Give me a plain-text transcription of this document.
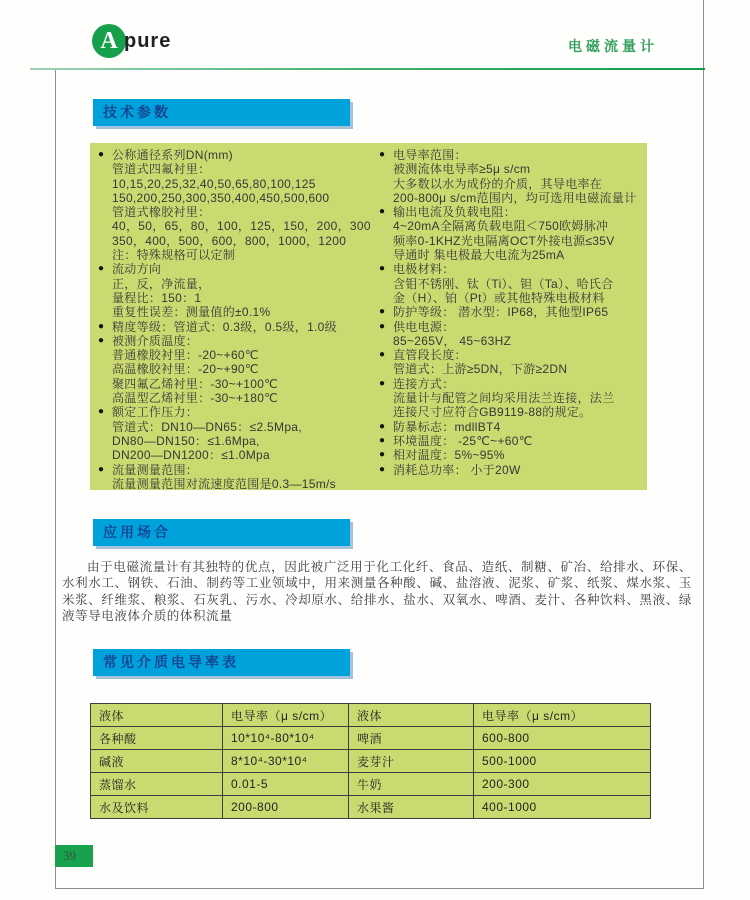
A pure	电磁流量计
技术参数
应用场合
常见介质电导率表
● 公称通径系列DN(mm)
管道式四氟衬里：
10,15,20,25,32,40,50,65,80,100,125
150,200,250,300,350,400,450,500,600
管道式橡胶衬里：
40，50，65，80，100，125，150，200，300
350，400，500，600，800，1000，1200
注：特殊规格可以定制
● 流动方向
正，反，净流量，
量程比：150：1
重复性误差：测量值的±0.1%
● 精度等级：管道式：0.3级，0.5级，1.0级
● 被测介质温度：
普通橡胶衬里：-20~+60℃
高温橡胶衬里：-20~+90℃
聚四氟乙烯衬里：-30~+100℃
高温型乙烯衬里：-30~+180℃
● 额定工作压力：
管道式：DN10—DN65：≤2.5Mpa,
DN80—DN150：≤1.6Mpa,
DN200—DN1200：≤1.0Mpa
● 流量测量范围：
流量测量范围对流速度范围是0.3—15m/s
● 电导率范围：
被测流体电导率≥5μ s/cm
大多数以水为成份的介质，其导电率在
200-800μ s/cm范围内，均可选用电磁流量计
● 输出电流及负载电阻：
4~20mA全隔离负载电阻＜750欧姆脉冲
频率0-1KHZ光电隔离OCT外接电源≤35V
导通时 集电极最大电流为25mA
● 电极材料：
含钼不锈刚、钛（Ti）、钽（Ta）、哈氏合
金（H）、铂（Pt）或其他特殊电极材料
● 防护等级： 潜水型：IP68，其他型IP65
● 供电电源：
85~265V， 45~63HZ
● 直管段长度：
管道式：上游≥5DN，下游≥2DN
● 连接方式：
流量计与配管之间均采用法兰连接，法兰
连接尺寸应符合GB9119-88的规定。
● 防暴标志：mdllBT4
● 环境温度： -25℃~+60℃
● 相对温度：5%~95%
● 消耗总功率： 小于20W
由于电磁流量计有其独特的优点，因此被广泛用于化工化纤、食品、造纸、制糖、矿冶、给排水、环保、水利水工、钢铁、石油、制药等工业领域中，用来测量各种酸、碱、盐溶液、泥浆、矿浆、纸浆、煤水浆、玉米浆、纤维浆、粮浆、石灰乳、污水、冷却原水、给排水、盐水、双氧水、啤酒、麦汁、各种饮料、黑液、绿液等导电液体介质的体积流量
液体	电导率（μ s/cm）	液体	电导率（μ s/cm）
各种酸	10*10⁴-80*10⁴	啤酒	600-800
碱液	8*10⁴-30*10⁴	麦芽汁	500-1000
蒸馏水	0.01-5	牛奶	200-300
水及饮料	200-800	水果酱	400-1000
39
